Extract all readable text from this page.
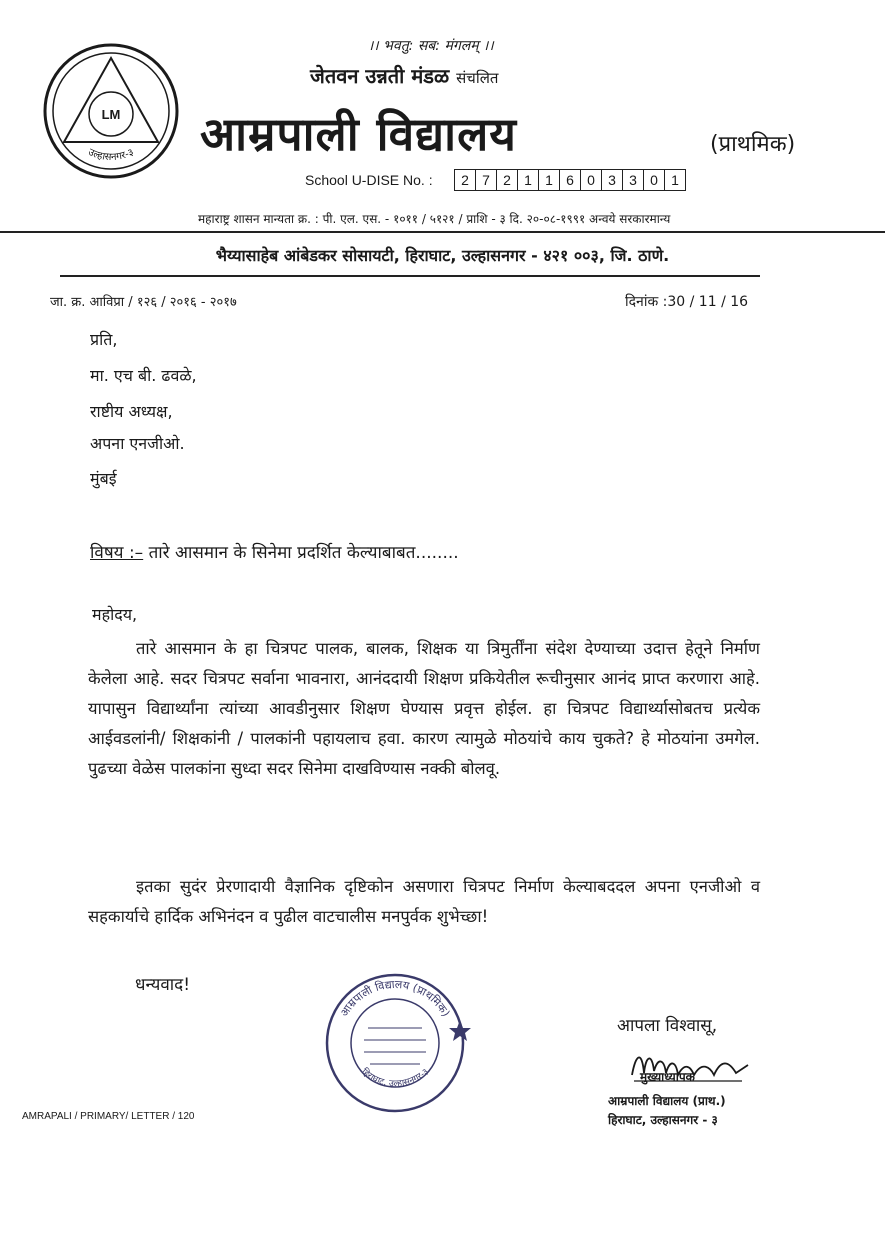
LM
उल्हासनगर-३
।। भवतु: सब: मंगलम् ।।
जेतवन उन्नती मंडळ संचलित
आम्रपाली विद्यालय	(प्राथमिक)
School U-DISE No. :	2 7 2 1 1 6 0 3 3 0 1
महाराष्ट्र शासन मान्यता क्र. : पी. एल. एस. - १०११ / ५१२१ / प्राशि - ३ दि. २०-०८-१९९१ अन्वये सरकारमान्य
भैय्यासाहेब आंबेडकर सोसायटी, हिराघाट, उल्हासनगर - ४२१ ००३, जि. ठाणे.
जा. क्र. आविप्रा / १२६ / २०१६ - २०१७	दिनांक :30 / 11 / 16
प्रति,
मा. एच बी. ढवळे,
राष्टीय अध्यक्ष,
अपना एनजीओ.
मुंबई
विषय :– तारे आसमान के सिनेमा प्रदर्शित केल्याबाबत........
महोदय,
तारे आसमान के हा चित्रपट पालक, बालक, शिक्षक या त्रिमुर्तींना संदेश देण्याच्या उदात्त हेतूने निर्माण केलेला आहे. सदर चित्रपट सर्वाना भावनारा, आनंददायी शिक्षण प्रकियेतील रूचीनुसार आनंद प्राप्त करणारा आहे. यापासुन विद्यार्थ्यांना त्यांच्या आवडीनुसार शिक्षण घेण्यास प्रवृत्त होईल. हा चित्रपट विद्यार्थ्यासोबतच प्रत्येक आईवडलांनी/ शिक्षकांनी / पालकांनी पहायलाच हवा. कारण त्यामुळे मोठयांचे काय चुकते? हे मोठयांना उमगेल. पुढच्या वेळेस पालकांना सुध्दा सदर सिनेमा दाखविण्यास नक्की बोलवू.
इतका सुदंर प्रेरणादायी वैज्ञानिक दृष्टिकोन असणारा चित्रपट निर्माण केल्याबददल अपना एनजीओ व सहकार्याचे हार्दिक अभिनंदन व पुढील वाटचालीस मनपुर्वक शुभेच्छा!
धन्यवाद!
आम्रपाली विद्यालय (प्राथमिक)
हिराघाट, उल्हासनगर-३
आपला विश्वासू,
मुख्याध्यापक
आम्रपाली विद्यालय (प्राथ.)
हिराघाट, उल्हासनगर - ३
AMRAPALI / PRIMARY/ LETTER / 120
